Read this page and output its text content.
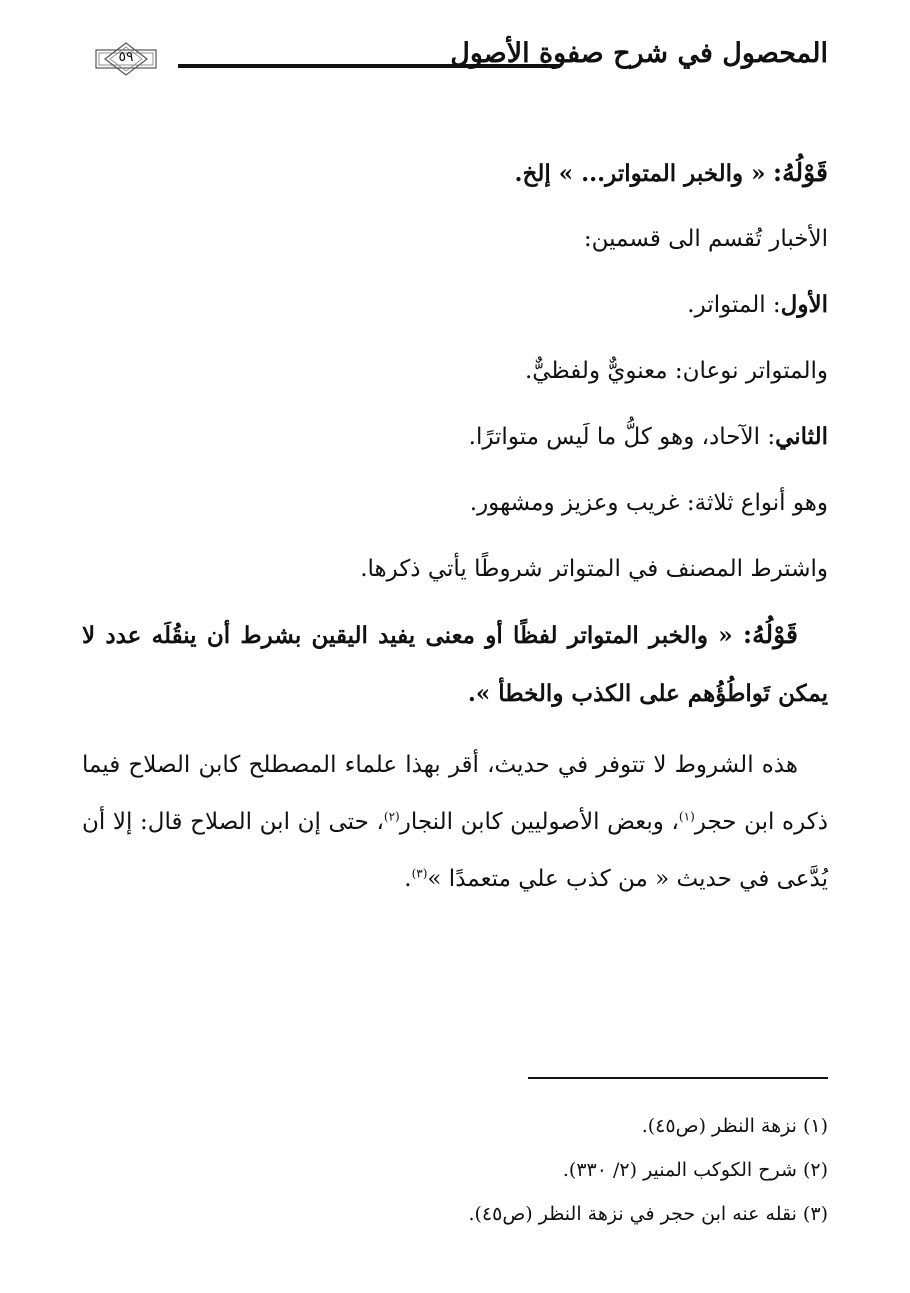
٥٩	المحصول في شرح صفوة الأصول
قَوْلُهُ: « والخبر المتواتر... » إلخ.
الأخبار تُقسم الى قسمين:
الأول: المتواتر.
والمتواتر نوعان: معنويٌّ ولفظيٌّ.
الثاني: الآحاد، وهو كلُّ ما لَيس متواترًا.
وهو أنواع ثلاثة: غريب وعزيز ومشهور.
واشترط المصنف في المتواتر شروطًا يأتي ذكرها.
قَوْلُهُ: « والخبر المتواتر لفظًا أو معنى يفيد اليقين بشرط أن ينقُلَه عدد لا يمكن تَواطُؤُهم على الكذب والخطأ ».
هذه الشروط لا تتوفر في حديث، أقر بهذا علماء المصطلح كابن الصلاح فيما ذكره ابن حجر$^{(١)}$، وبعض الأصوليين كابن النجار$^{(٢)}$، حتى إن ابن الصلاح قال: إلا أن يُدَّعى في حديث « من كذب علي متعمدًا »$^{(٣)}$.
(١) نزهة النظر (ص٤٥).
(٢) شرح الكوكب المنير (٢/ ٣٣٠).
(٣) نقله عنه ابن حجر في نزهة النظر (ص٤٥).
